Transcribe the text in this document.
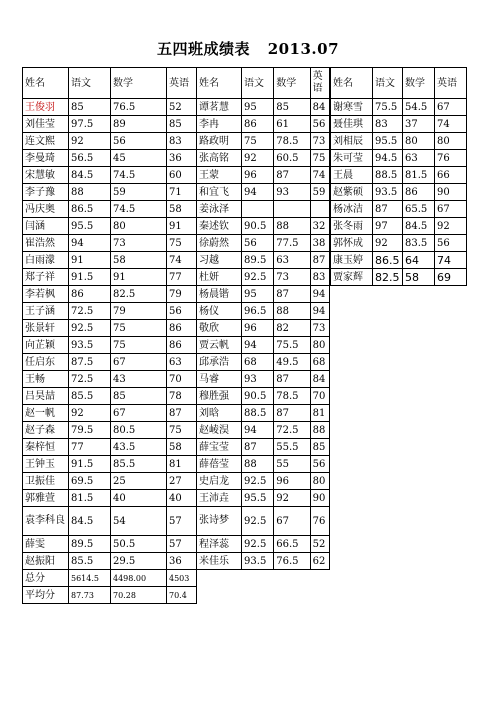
五四班成绩表 2013.07
姓名	语文	数学	英语
王俊羽	85	76.5	52
刘佳莹	97.5	89	85
连文熙	92	56	83
李曼琦	56.5	45	36
宋慧敏	84.5	74.5	60
李子豫	88	59	71
冯庆奥	86.5	74.5	58
闫涵	95.5	80	91
崔浩然	94	73	75
白雨濛	91	58	74
郑子祥	91.5	91	77
李若枫	86	82.5	79
王子涵	72.5	79	56
张景轩	92.5	75	86
向芷颖	93.5	75	86
任启东	87.5	67	63
王畅	72.5	43	70
吕昊喆	85.5	85	78
赵一帆	92	67	87
赵子森	79.5	80.5	75
秦梓恒	77	43.5	58
王钟玉	91.5	85.5	81
卫振佳	69.5	25	27
郭雅萱	81.5	40	40
袁李科良	84.5	54	57
薛雯	89.5	50.5	57
赵振阳	85.5	29.5	36
总分	5614.5	4498.00	4503
平均分	87.73	70.28	70.4
姓名	语文	数学	英语
谭茗慧	95	85	84
李冉	86	61	56
路政明	75	78.5	73
张高铭	92	60.5	75
王蒙	96	87	74
和宜飞	94	93	59
姜泳泽			
秦述钦	90.5	88	32
徐蔚然	56	77.5	38
习越	89.5	63	87
杜妍	92.5	73	83
杨晨锴	95	87	94
杨仪	96.5	88	94
敬欣	96	82	73
贾云帆	94	75.5	80
邱承浩	68	49.5	68
马睿	93	87	84
穆胜强	90.5	78.5	70
刘晗	88.5	87	81
赵崚淏	94	72.5	88
薛宝莹	87	55.5	85
薛蓓莹	88	55	56
史启龙	92.5	96	80
王沛垚	95.5	92	90
张诗梦	92.5	67	76
程泽蕊	92.5	66.5	52
米佳乐	93.5	76.5	62
姓名	语文	数学	英语
谢寒雪	75.5	54.5	67
聂佳琪	83	37	74
刘相辰	95.5	80	80
朱可莹	94.5	63	76
王晨	88.5	81.5	66
赵紫硕	93.5	86	90
杨冰洁	87	65.5	67
张冬雨	97	84.5	92
郭怀成	92	83.5	56
康玉婷	86.5	64	74
贾家辉	82.5	58	69
